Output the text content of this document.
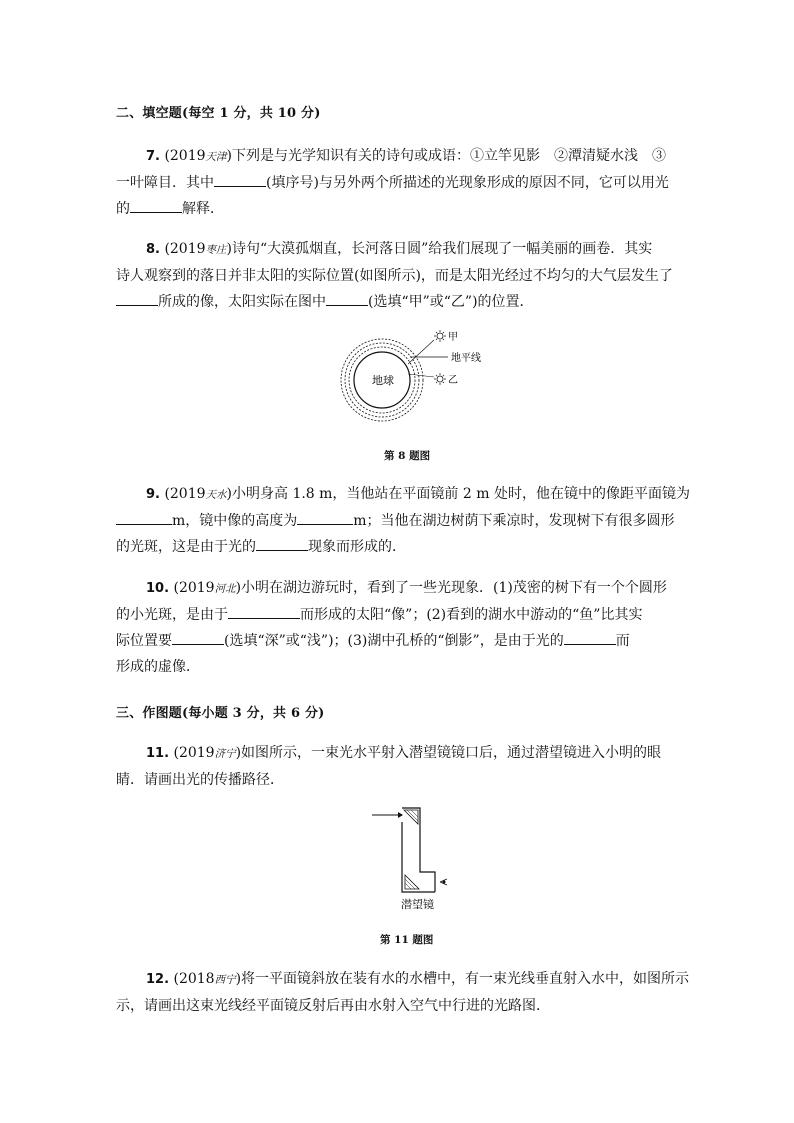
二、填空题(每空 1 分，共 10 分)
7. (2019天津)下列是与光学知识有关的诗句或成语：①立竿见影　②潭清疑水浅　③
一叶障目．其中	(填序号)与另外两个所描述的光现象形成的原因不同，它可以用光
的	解释．
8. (2019枣庄)诗句“大漠孤烟直，长河落日圆”给我们展现了一幅美丽的画卷．其实
诗人观察到的落日并非太阳的实际位置(如图所示)，而是太阳光经过不均匀的大气层发生了
所成的像，太阳实际在图中	(选填“甲”或“乙”)的位置．
地球
甲
地平线
乙
第 8 题图
9. (2019天水)小明身高 1.8 m，当他站在平面镜前 2 m 处时，他在镜中的像距平面镜为
m，镜中像的高度为	m；当他在湖边树荫下乘凉时，发现树下有很多圆形
的光斑，这是由于光的	现象而形成的．
10. (2019河北)小明在湖边游玩时，看到了一些光现象．(1)茂密的树下有一个个圆形
的小光斑，是由于	而形成的太阳“像”；(2)看到的湖水中游动的“鱼”比其实
际位置要	(选填“深”或“浅”)；(3)湖中孔桥的“倒影”，是由于光的	而
形成的虚像．
三、作图题(每小题 3 分，共 6 分)
11. (2019济宁)如图所示，一束光水平射入潜望镜镜口后，通过潜望镜进入小明的眼
睛．请画出光的传播路径．
潜望镜
第 11 题图
12. (2018西宁)将一平面镜斜放在装有水的水槽中，有一束光线垂直射入水中，如图所示
示，请画出这束光线经平面镜反射后再由水射入空气中行进的光路图．
